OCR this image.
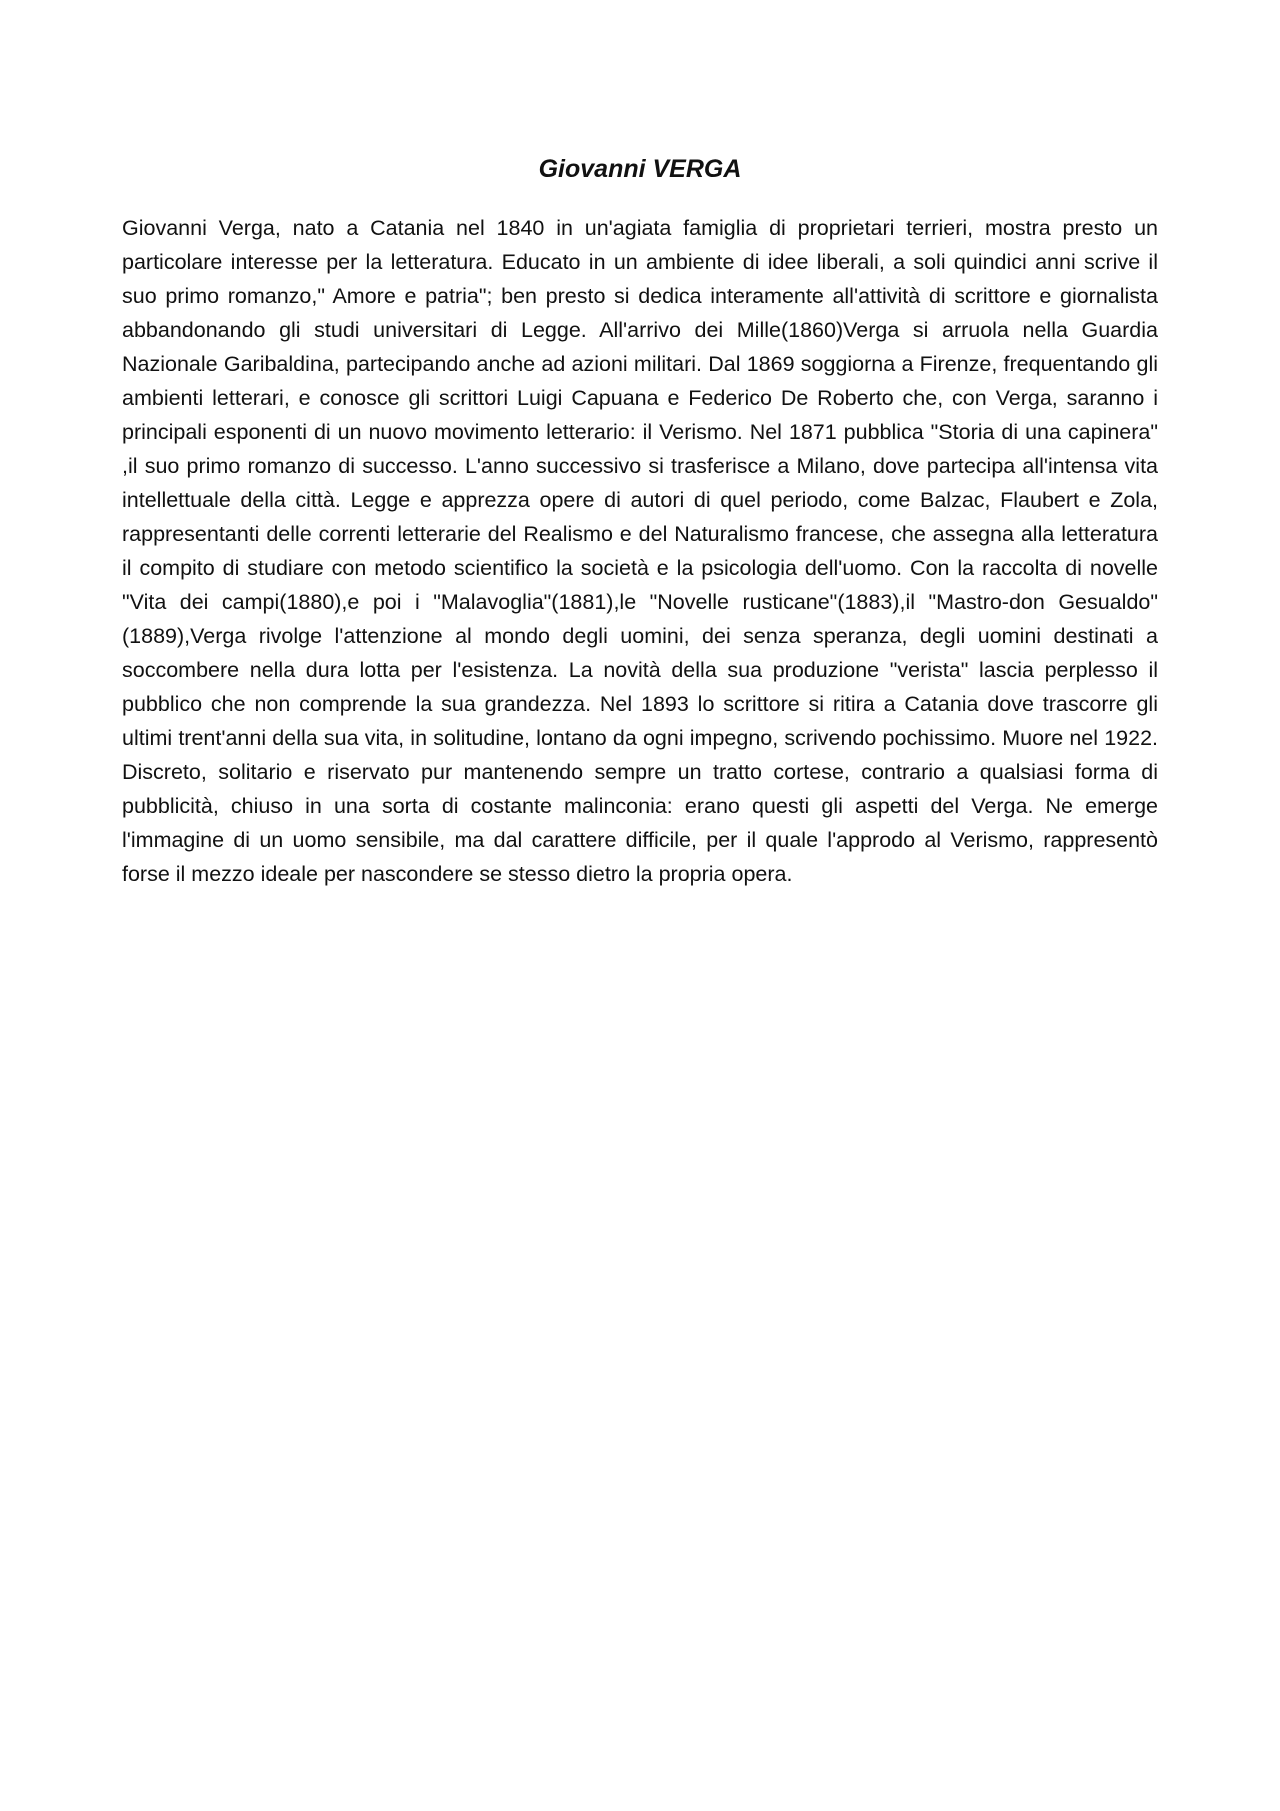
Giovanni VERGA

Giovanni Verga, nato a Catania nel 1840 in un'agiata famiglia di proprietari terrieri, mostra presto un particolare interesse per la letteratura. Educato in un ambiente di idee liberali, a soli quindici anni scrive il suo primo romanzo," Amore e patria"; ben presto si dedica interamente all'attività di scrittore e giornalista abbandonando gli studi universitari di Legge. All'arrivo dei Mille(1860)Verga si arruola nella Guardia Nazionale Garibaldina, partecipando anche ad azioni militari. Dal 1869 soggiorna a Firenze, frequentando gli ambienti letterari, e conosce gli scrittori Luigi Capuana e Federico De Roberto che, con Verga, saranno i principali esponenti di un nuovo movimento letterario: il Verismo. Nel 1871 pubblica "Storia di una capinera" ,il suo primo romanzo di successo. L'anno successivo si trasferisce a Milano, dove partecipa all'intensa vita intellettuale della città. Legge e apprezza opere di autori di quel periodo, come Balzac, Flaubert e Zola, rappresentanti delle correnti letterarie del Realismo e del Naturalismo francese, che assegna alla letteratura il compito di studiare con metodo scientifico la società e la psicologia dell'uomo. Con la raccolta di novelle "Vita dei campi(1880),e poi i "Malavoglia"(1881),le "Novelle rusticane"(1883),il "Mastro-don Gesualdo"(1889),Verga rivolge l'attenzione al mondo degli uomini, dei senza speranza, degli uomini destinati a soccombere nella dura lotta per l'esistenza. La novità della sua produzione "verista" lascia perplesso il pubblico che non comprende la sua grandezza. Nel 1893 lo scrittore si ritira a Catania dove trascorre gli ultimi trent'anni della sua vita, in solitudine, lontano da ogni impegno, scrivendo pochissimo. Muore nel 1922. Discreto, solitario e riservato pur mantenendo sempre un tratto cortese, contrario a qualsiasi forma di pubblicità, chiuso in una sorta di costante malinconia: erano questi gli aspetti del Verga. Ne emerge l'immagine di un uomo sensibile, ma dal carattere difficile, per il quale l'approdo al Verismo, rappresentò forse il mezzo ideale per nascondere se stesso dietro la propria opera.
